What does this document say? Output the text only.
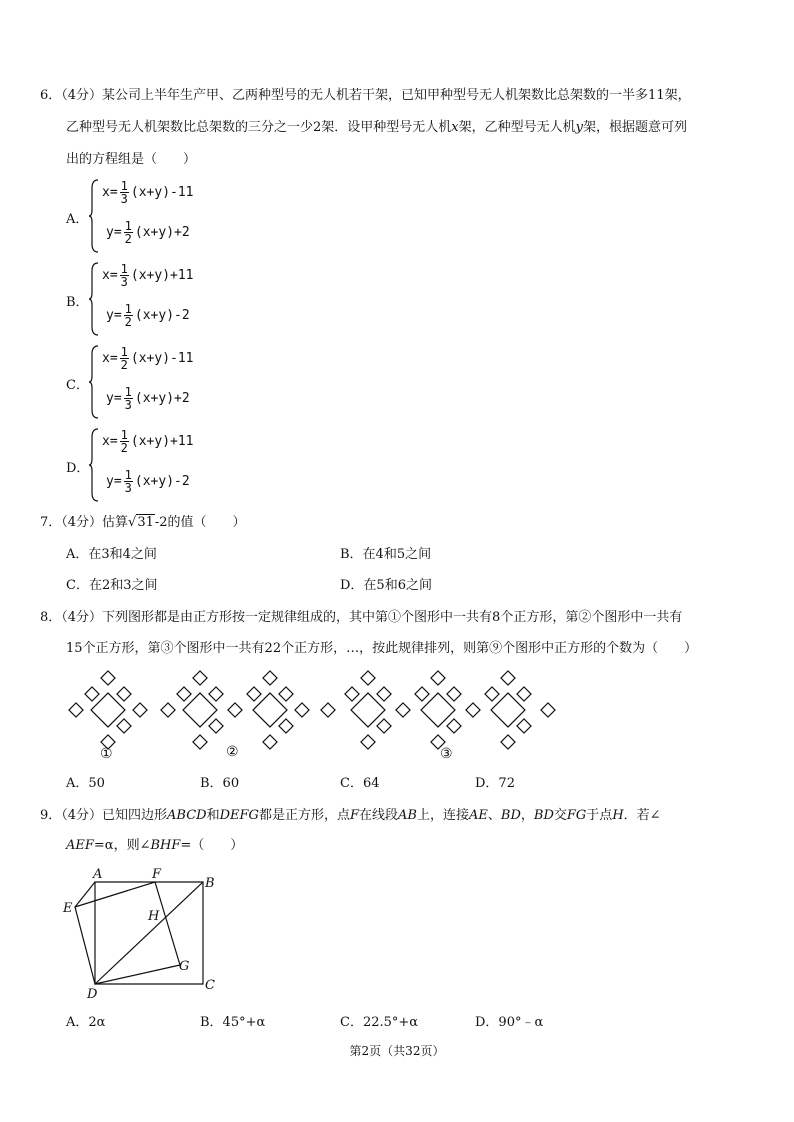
6．（4分）某公司上半年生产甲、乙两种型号的无人机若干架，已知甲种型号无人机架数比总架数的一半多11架，
乙种型号无人机架数比总架数的三分之一少2架．设甲种型号无人机x架，乙种型号无人机y架，根据题意可列
出的方程组是（　　）
A．
$x= \frac{1}{3} (x+y)-11$
$y= \frac{1}{2} (x+y)+2$
B．
$x= \frac{1}{3} (x+y)+11$
$y= \frac{1}{2} (x+y)-2$
C．
$x= \frac{1}{2} (x+y)-11$
$y= \frac{1}{3} (x+y)+2$
D．
$x= \frac{1}{2} (x+y)+11$
$y= \frac{1}{3} (x+y)-2$
7．（4分）估算√31-2的值（　　）
A．在3和4之间	B．在4和5之间
C．在2和3之间	D．在5和6之间
8．（4分）下列图形都是由正方形按一定规律组成的，其中第①个图形中一共有8个正方形，第②个图形中一共有
15个正方形，第③个图形中一共有22个正方形，…，按此规律排列，则第⑨个图形中正方形的个数为（　　）
①	②	③
A．50	B．60	C．64	D．72
9．（4分）已知四边形ABCD和DEFG都是正方形，点F在线段AB上，连接AE、BD，BD交FG于点H．若∠
AEF=α，则∠BHF=（　　）
A	F
B
E
H
G
D
C
A．2α	B．45°+α	C．22.5°+α	D．90°﹣α
第2页（共32页）
